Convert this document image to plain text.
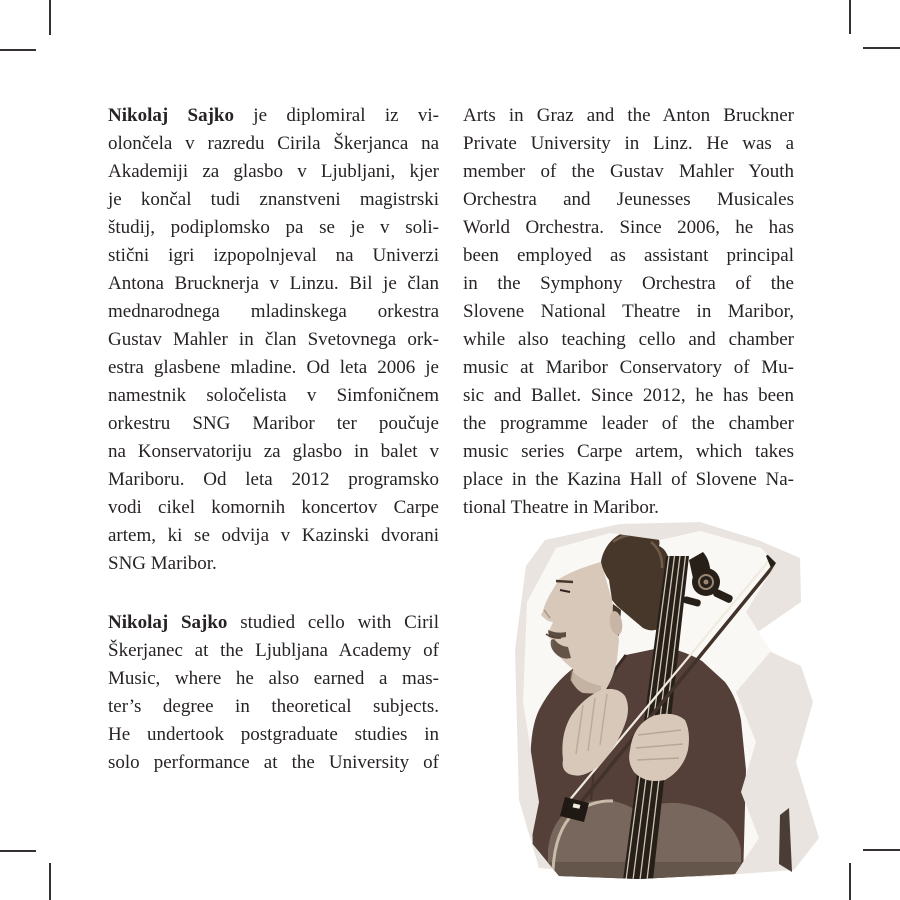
Nikolaj Sajko je diplomiral iz vi-
olončela v razredu Cirila Škerjanca na
Akademiji za glasbo v Ljubljani, kjer
je končal tudi znanstveni magistrski
študij, podiplomsko pa se je v soli-
stični igri izpopolnjeval na Univerzi
Antona Brucknerja v Linzu. Bil je član
mednarodnega mladinskega orkestra
Gustav Mahler in član Svetovnega ork-
estra glasbene mladine. Od leta 2006 je
namestnik soločelista v Simfoničnem
orkestru SNG Maribor ter poučuje
na Konservatoriju za glasbo in balet v
Mariboru. Od leta 2012 programsko
vodi cikel komornih koncertov Carpe
artem, ki se odvija v Kazinski dvorani
SNG Maribor.
Nikolaj Sajko studied cello with Ciril
Škerjanec at the Ljubljana Academy of
Music, where he also earned a mas-
ter’s degree in theoretical subjects.
He undertook postgraduate studies in
solo performance at the University of
Arts in Graz and the Anton Bruckner
Private University in Linz. He was a
member of the Gustav Mahler Youth
Orchestra and Jeunesses Musicales
World Orchestra. Since 2006, he has
been employed as assistant principal
in the Symphony Orchestra of the
Slovene National Theatre in Maribor,
while also teaching cello and chamber
music at Maribor Conservatory of Mu-
sic and Ballet. Since 2012, he has been
the programme leader of the chamber
music series Carpe artem, which takes
place in the Kazina Hall of Slovene Na-
tional Theatre in Maribor.
